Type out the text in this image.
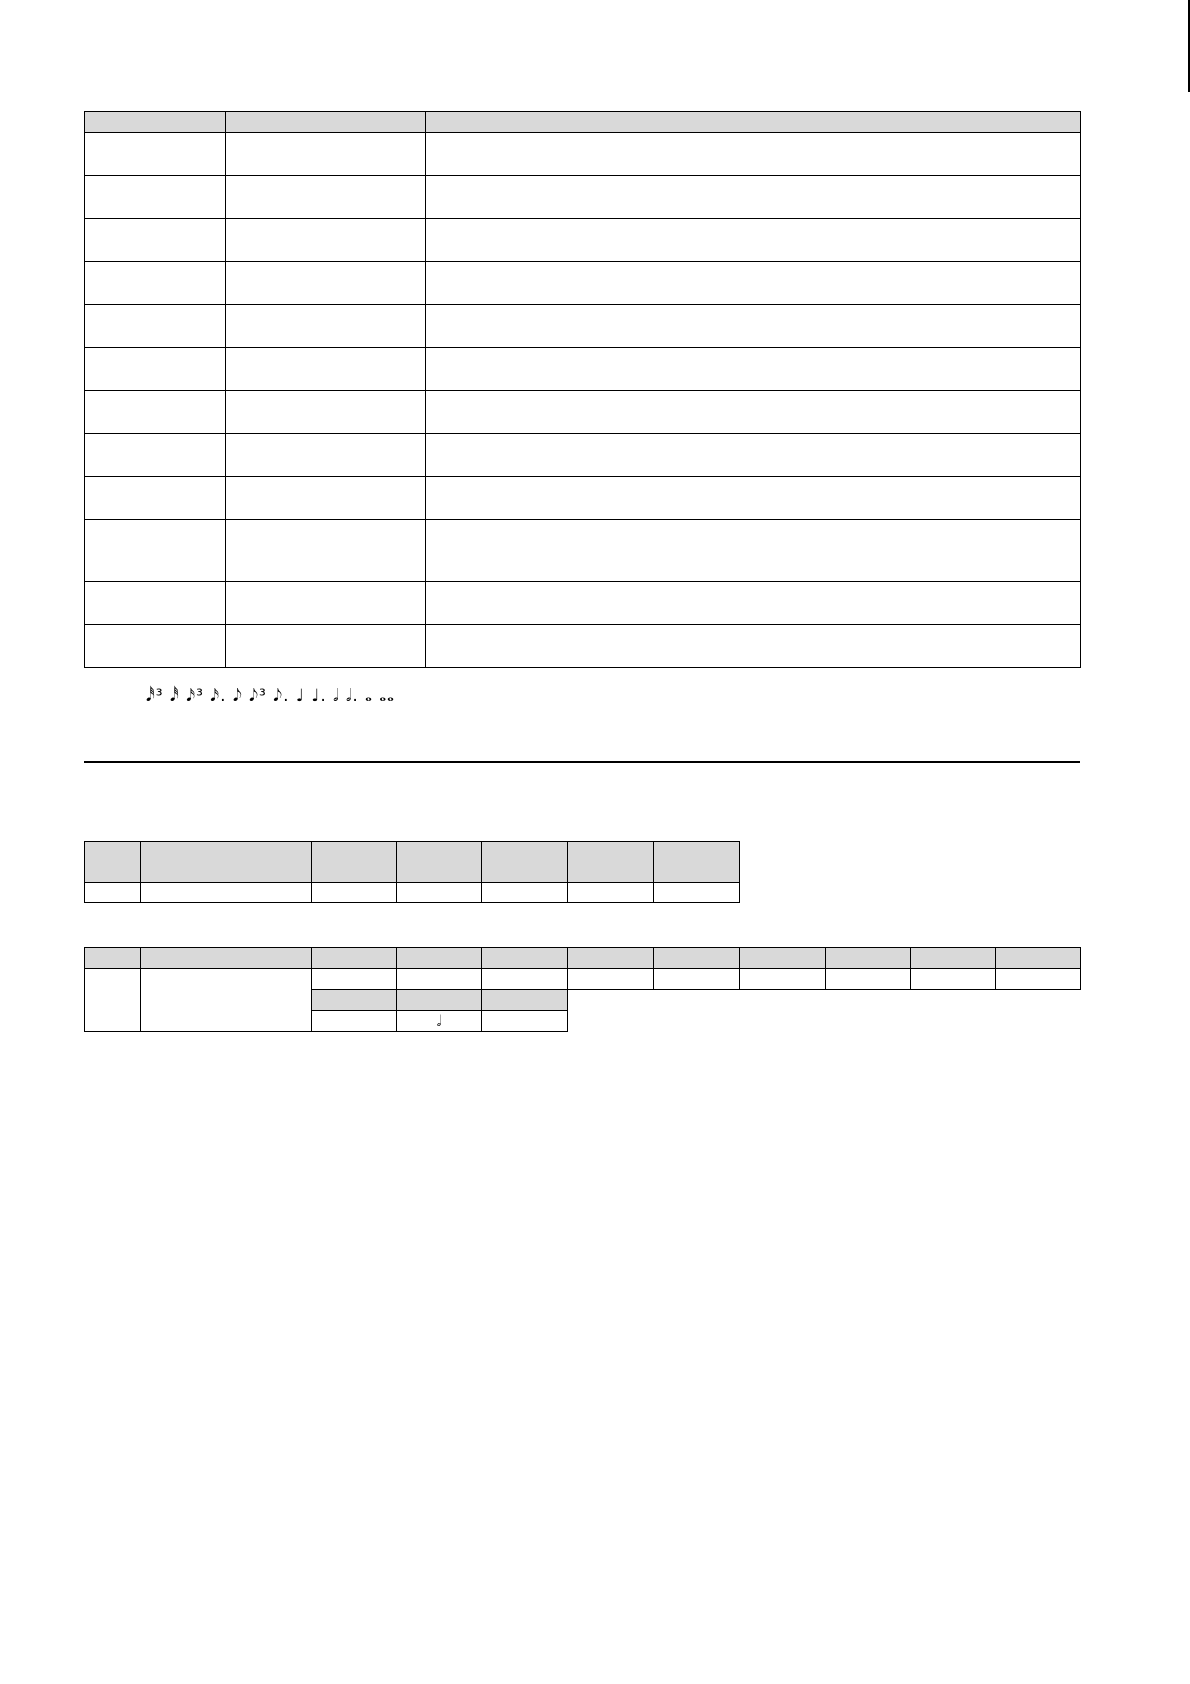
𝅘𝅥𝅰³ 𝅘𝅥𝅰 𝅘𝅥𝅯³ 𝅘𝅥𝅯. 𝅘𝅥𝅮 𝅘𝅥𝅮³ 𝅘𝅥𝅮. ♩ ♩. 𝅗𝅥 𝅗𝅥. 𝅝 𝅝𝅝

			𝅗𝅥							
